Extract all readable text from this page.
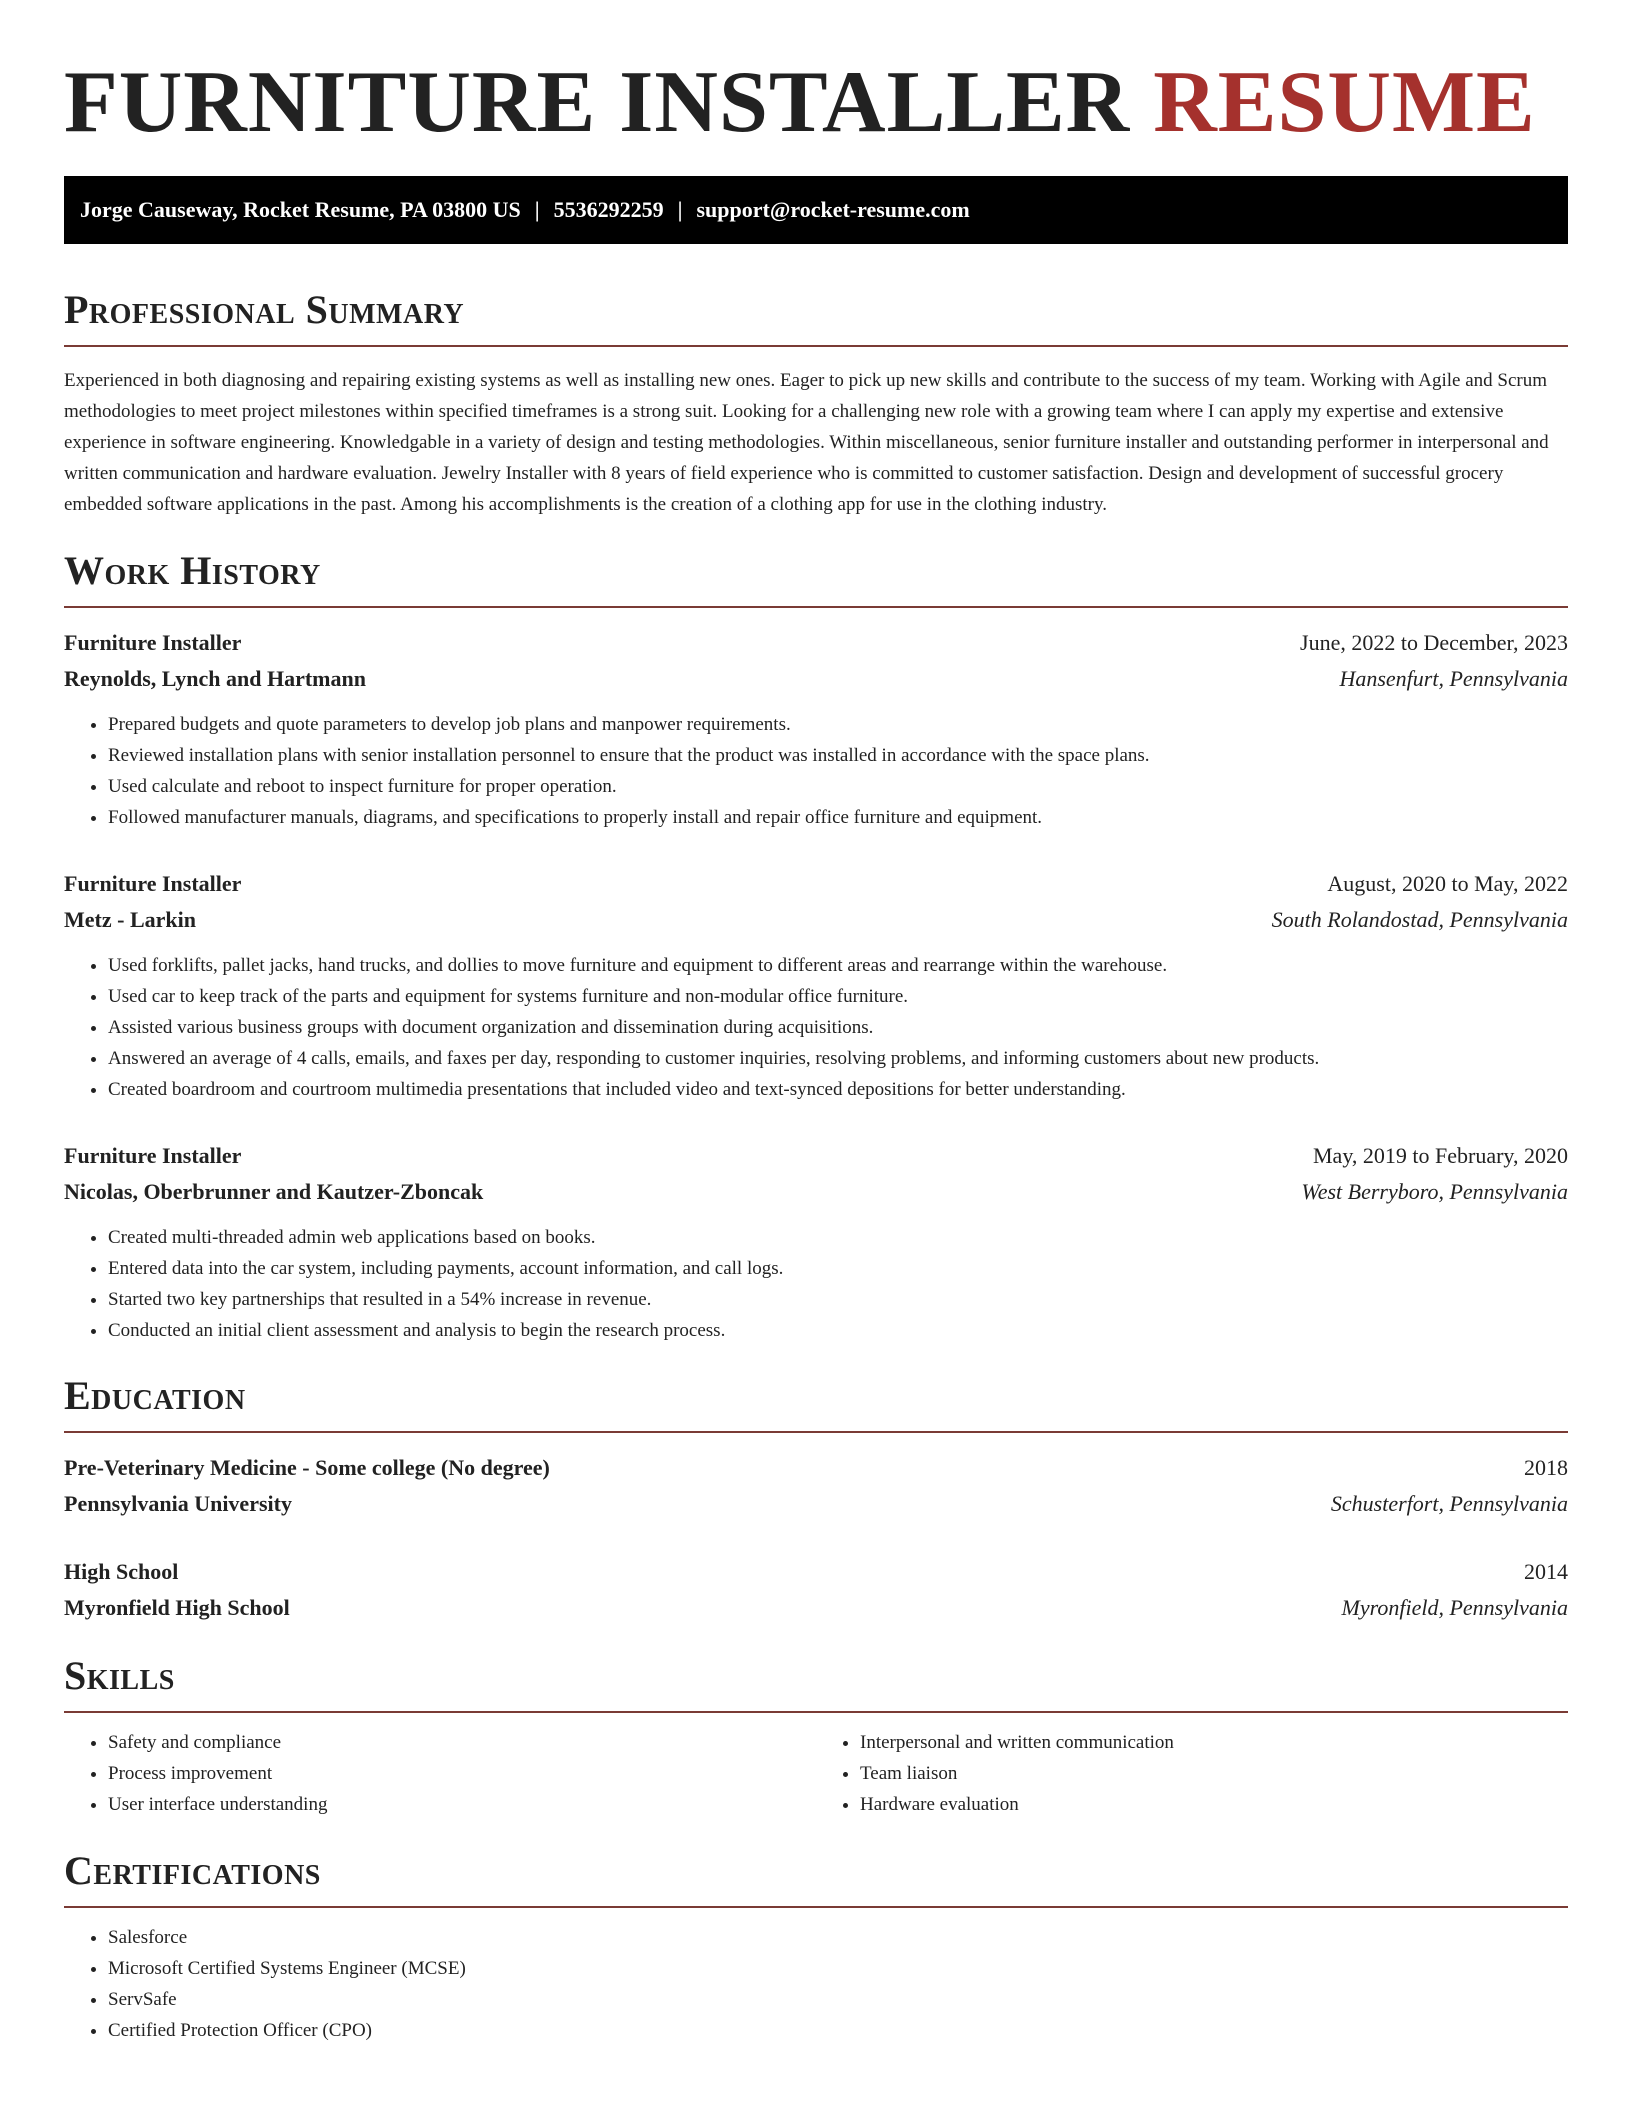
FURNITURE INSTALLER RESUME
Jorge Causeway, Rocket Resume, PA 03800 US | 5536292259 | support@rocket-resume.com
Professional Summary

Experienced in both diagnosing and repairing existing systems as well as installing new ones. Eager to pick up new skills and contribute to the success of my team. Working with Agile and Scrum methodologies to meet project milestones within specified timeframes is a strong suit. Looking for a challenging new role with a growing team where I can apply my expertise and extensive experience in software engineering. Knowledgable in a variety of design and testing methodologies. Within miscellaneous, senior furniture installer and outstanding performer in interpersonal and written communication and hardware evaluation. Jewelry Installer with 8 years of field experience who is committed to customer satisfaction. Design and development of successful grocery embedded software applications in the past. Among his accomplishments is the creation of a clothing app for use in the clothing industry.

Work History
Furniture Installer	June, 2022 to December, 2023
Reynolds, Lynch and Hartmann	Hansenfurt, Pennsylvania
• Prepared budgets and quote parameters to develop job plans and manpower requirements.
• Reviewed installation plans with senior installation personnel to ensure that the product was installed in accordance with the space plans.
• Used calculate and reboot to inspect furniture for proper operation.
• Followed manufacturer manuals, diagrams, and specifications to properly install and repair office furniture and equipment.
Furniture Installer	August, 2020 to May, 2022
Metz - Larkin	South Rolandostad, Pennsylvania
• Used forklifts, pallet jacks, hand trucks, and dollies to move furniture and equipment to different areas and rearrange within the warehouse.
• Used car to keep track of the parts and equipment for systems furniture and non-modular office furniture.
• Assisted various business groups with document organization and dissemination during acquisitions.
• Answered an average of 4 calls, emails, and faxes per day, responding to customer inquiries, resolving problems, and informing customers about new products.
• Created boardroom and courtroom multimedia presentations that included video and text-synced depositions for better understanding.
Furniture Installer	May, 2019 to February, 2020
Nicolas, Oberbrunner and Kautzer-Zboncak	West Berryboro, Pennsylvania
• Created multi-threaded admin web applications based on books.
• Entered data into the car system, including payments, account information, and call logs.
• Started two key partnerships that resulted in a 54% increase in revenue.
• Conducted an initial client assessment and analysis to begin the research process.
Education
Pre-Veterinary Medicine - Some college (No degree)	2018
Pennsylvania University	Schusterfort, Pennsylvania
High School	2014
Myronfield High School	Myronfield, Pennsylvania
Skills
• Safety and compliance
• Process improvement
• User interface understanding
• Interpersonal and written communication
• Team liaison
• Hardware evaluation
Certifications
• Salesforce
• Microsoft Certified Systems Engineer (MCSE)
• ServSafe
• Certified Protection Officer (CPO)
